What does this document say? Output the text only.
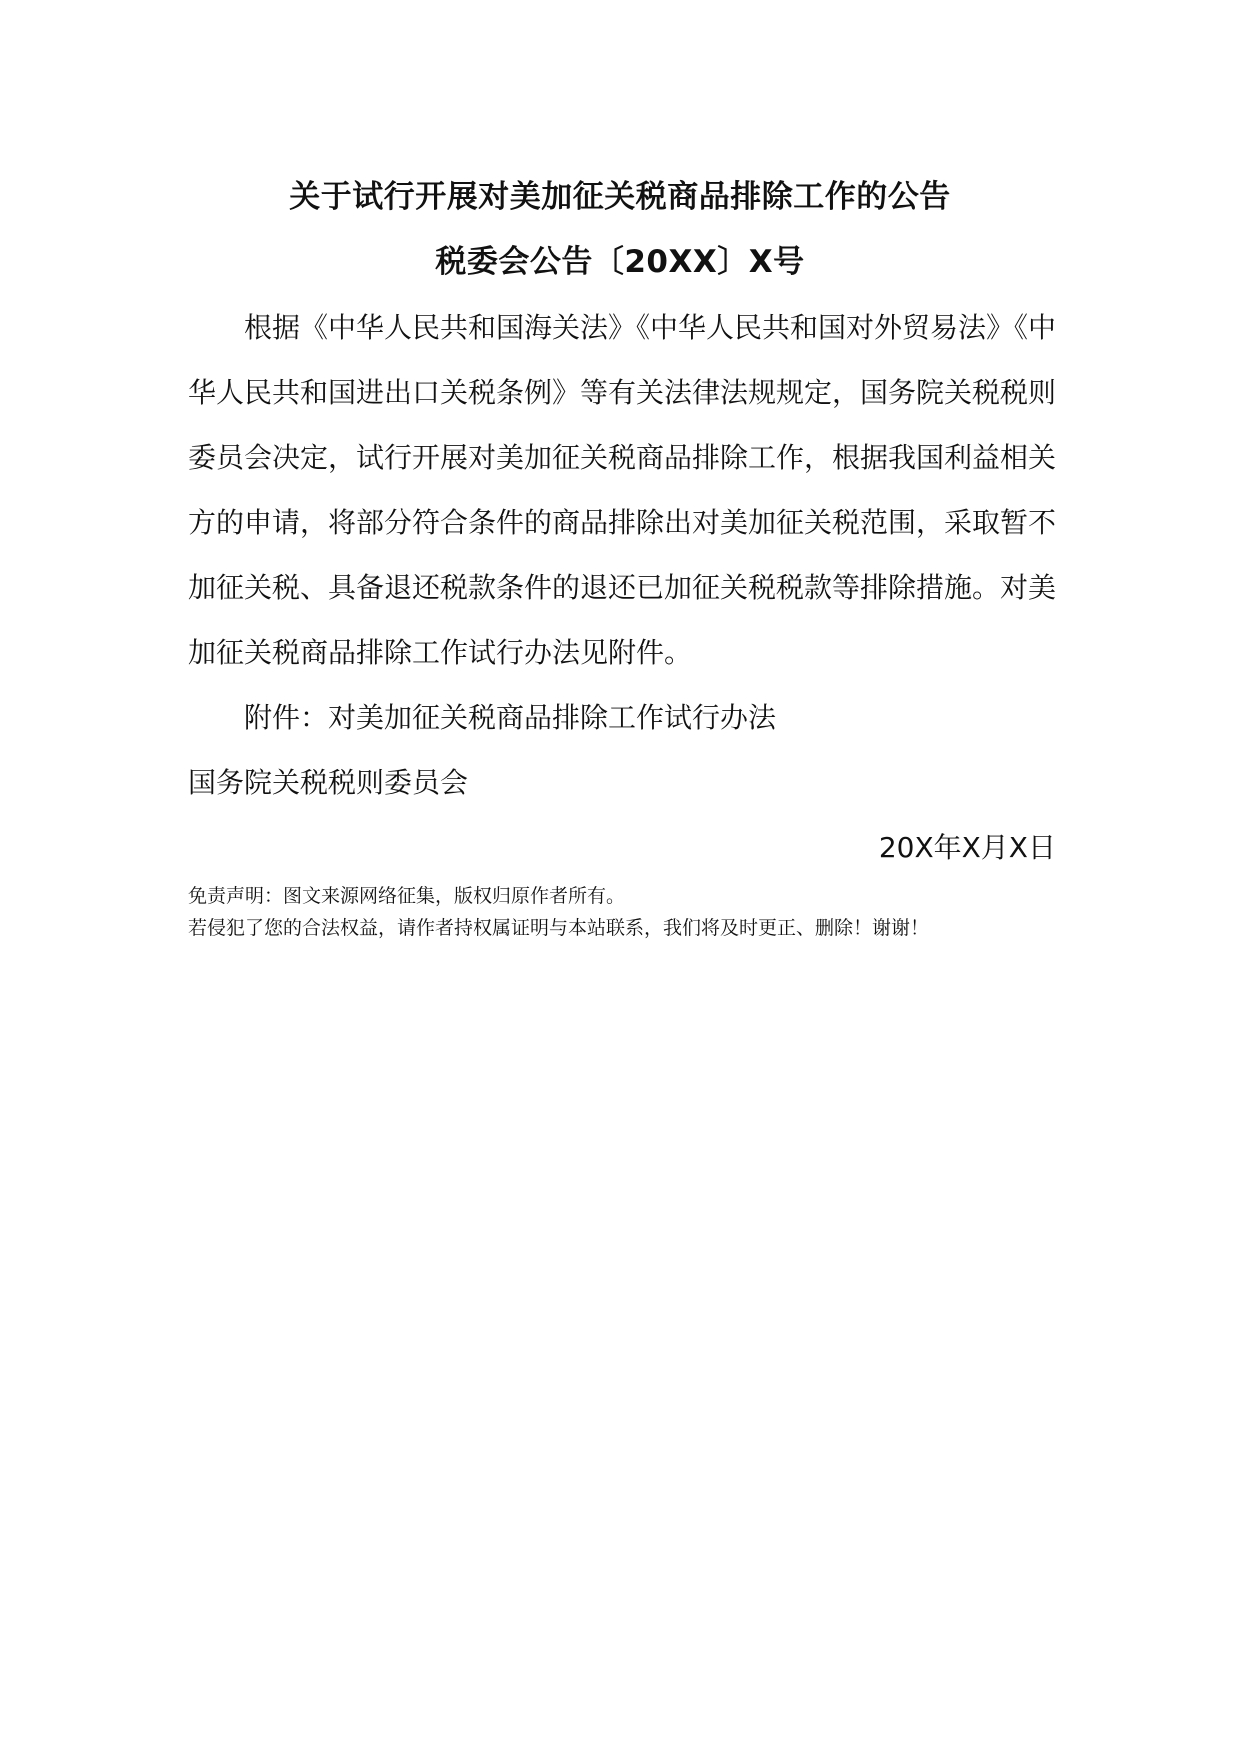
关于试行开展对美加征关税商品排除工作的公告
税委会公告〔20XX〕X号

根据《中华人民共和国海关法》《中华人民共和国对外贸易法》《中华人民共和国进出口关税条例》等有关法律法规规定，国务院关税税则委员会决定，试行开展对美加征关税商品排除工作，根据我国利益相关方的申请，将部分符合条件的商品排除出对美加征关税范围，采取暂不加征关税、具备退还税款条件的退还已加征关税税款等排除措施。对美加征关税商品排除工作试行办法见附件。

附件：对美加征关税商品排除工作试行办法

国务院关税税则委员会

20X年X月X日

免责声明：图文来源网络征集，版权归原作者所有。
若侵犯了您的合法权益，请作者持权属证明与本站联系，我们将及时更正、删除！谢谢！
